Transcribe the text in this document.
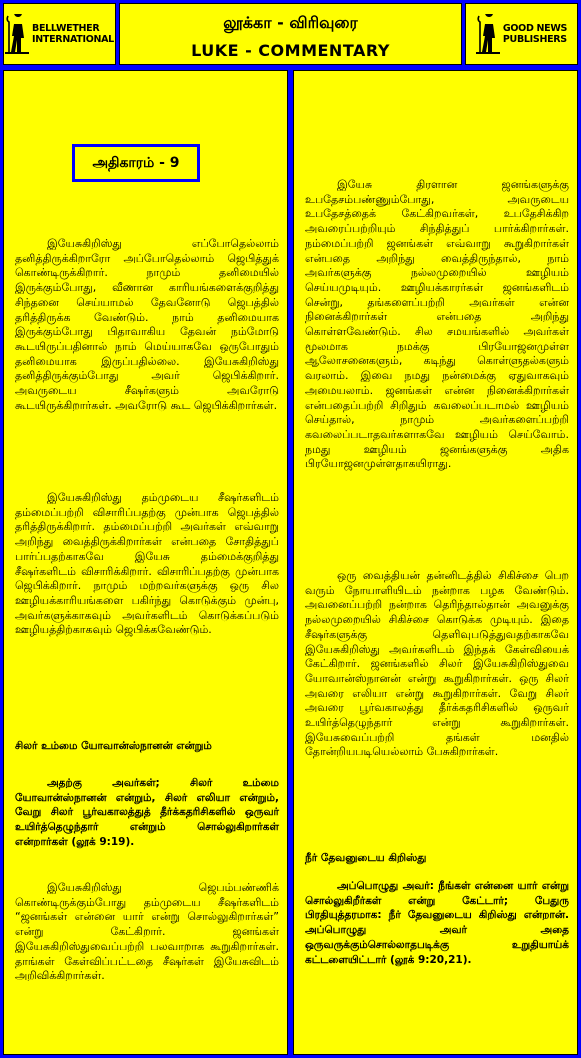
BELLWETHER
INTERNATIONAL
லூக்கா - விரிவுரை
LUKE - COMMENTARY
GOOD NEWS
PUBLISHERS
அதிகாரம் - 9

இயேசுகிறிஸ்து எப்போதெல்லாம் தனித்திருக்கிறாரோ அப்போதெல்லாம் ஜெபித்துக் கொண்டிருக்கிறார். நாமும் தனிமையில் இருக்கும்போது, வீணான காரியங்களைக்குறித்து சிந்தனை செய்யாமல் தேவனோடு ஜெபத்தில் தரித்திருக்க வேண்டும். நாம் தனிமையாக இருக்கும்போது பிதாவாகிய தேவன் நம்மோடு கூடயிருப்பதினால் நாம் மெய்யாகவே ஒருபோதும் தனிமையாக இருப்பதில்லை. இயேசுகிறிஸ்து தனித்திருக்கும்போது அவர் ஜெபிக்கிறார். அவருடைய சீஷர்களும் அவரோடு கூடயிருக்கிறார்கள். அவரோடு கூட ஜெபிக்கிறார்கள்.

இயேசுகிறிஸ்து தம்முடைய சீஷர்களிடம் தம்மைப்பற்றி விசாரிப்பதற்கு முன்பாக ஜெபத்தில் தரித்திருக்கிறார். தம்மைப்பற்றி அவர்கள் எவ்வாறு அறிந்து வைத்திருக்கிறார்கள் என்பதை சோதித்துப் பார்ப்பதற்காகவே இயேசு தம்மைக்குறித்து சீஷர்களிடம் விசாரிக்கிறார். விசாரிப்பதற்கு முன்பாக ஜெபிக்கிறார். நாமும் மற்றவர்களுக்கு ஒரு சில ஊழியக்காரியங்களை பகிர்ந்து கொடுக்கும் முன்பு, அவர்களுக்காகவும் அவர்களிடம் கொடுக்கப்படும் ஊழியத்திற்காகவும் ஜெபிக்கவேண்டும்.

சிலர் உம்மை யோவான்ஸ்நானன் என்றும்

அதற்கு அவர்கள்; சிலர் உம்மை யோவான்ஸ்நானன் என்றும், சிலர் எலியா என்றும், வேறு சிலர் பூர்வகாலத்துத் தீர்க்கதரிசிகளில் ஒருவர் உயிர்த்தெழுந்தார் என்றும் சொல்லுகிறார்கள் என்றார்கள் (லூக் 9:19).

இயேசுகிறிஸ்து ஜெபம்பண்ணிக் கொண்டிருக்கும்போது தம்முடைய சீஷர்களிடம் “ஜனங்கள் என்னை யார் என்று சொல்லுகிறார்கள்” என்று கேட்கிறார். ஜனங்கள் இயேசுகிறிஸ்துவைப்பற்றி பலவாறாக கூறுகிறார்கள். தாங்கள் கேள்விப்பட்டதை சீஷர்கள் இயேசுவிடம் அறிவிக்கிறார்கள்.

இயேசு திரளான ஜனங்களுக்கு உபதேசம்பண்ணும்போது, அவருடைய உபதேசத்தைக் கேட்கிறவர்கள், உபதேசிக்கிற அவரைப்பற்றியும் சிந்தித்துப் பார்க்கிறார்கள். நம்மைப்பற்றி ஜனங்கள் எவ்வாறு கூறுகிறார்கள் என்பதை அறிந்து வைத்திருந்தால், நாம் அவர்களுக்கு நல்லமுறையில் ஊழியம் செய்யமுடியும். ஊழியக்காரர்கள் ஜனங்களிடம் சென்று, தங்களைப்பற்றி அவர்கள் என்ன நினைக்கிறார்கள் என்பதை அறிந்து கொள்ளவேண்டும். சில சமயங்களில் அவர்கள் மூலமாக நமக்கு பிரயோஜனமுள்ள ஆலோசனைகளும், கடிந்து கொள்ளுதல்களும் வரலாம். இவை நமது நன்மைக்கு ஏதுவாகவும் அமையலாம். ஜனங்கள் என்ன நினைக்கிறார்கள் என்பதைப்பற்றி சிறிதும் கவலைப்படாமல் ஊழியம் செய்தால், நாமும் அவர்களைப்பற்றி கவலைப்படாதவர்களாகவே ஊழியம் செய்வோம். நமது ஊழியம் ஜனங்களுக்கு அதிக பிரயோஜனமுள்ளதாகயிராது.

ஒரு வைத்தியன் தன்னிடத்தில் சிகிச்சை பெற வரும் நோயாளியிடம் நன்றாக பழக வேண்டும். அவனைப்பற்றி நன்றாக தெரிந்தால்தான் அவனுக்கு நல்லமுறையில் சிகிச்சை கொடுக்க முடியும். இதை சீஷர்களுக்கு தெளிவுபடுத்துவதற்காகவே இயேசுகிறிஸ்து அவர்களிடம் இந்தக் கேள்வியைக் கேட்கிறார். ஜனங்களில் சிலர் இயேசுகிறிஸ்துவை யோவான்ஸ்நானன் என்று கூறுகிறார்கள். ஒரு சிலர் அவரை எலியா என்று கூறுகிறார்கள். வேறு சிலர் அவரை பூர்வகாலத்து தீர்க்கதரிசிகளில் ஒருவர் உயிர்த்தெழுந்தார் என்று கூறுகிறார்கள். இயேசுவைப்பற்றி தங்கள் மனதில் தோன்றியபடியெல்லாம் பேசுகிறார்கள்.

நீர் தேவனுடைய கிறிஸ்து

அப்பொழுது அவர்: நீங்கள் என்னை யார் என்று சொல்லுகிறீர்கள் என்று கேட்டார்; பேதுரு பிரதியுத்தரமாக: நீர் தேவனுடைய கிறிஸ்து என்றான். அப்பொழுது அவர் அதை ஒருவருக்கும்சொல்லாதபடிக்கு உறுதியாய்க் கட்டளையிட்டார் (லூக் 9:20,21).
